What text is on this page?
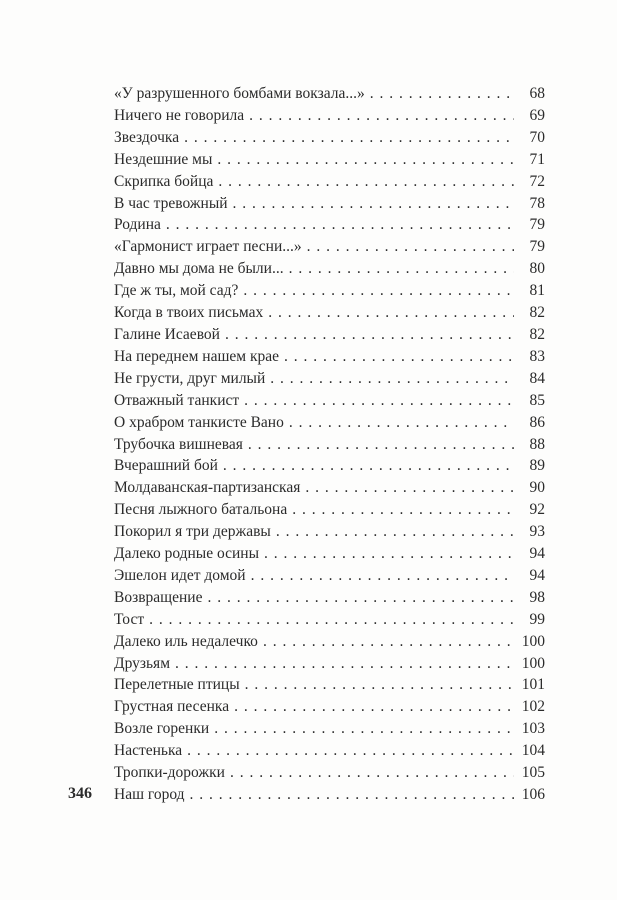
«У разрушенного бомбами вокзала...» . . .	68
Ничего не говорила . . .	69
Звездочка . . .	70
Нездешние мы . . .	71
Скрипка бойца . . .	72
В час тревожный . . .	78
Родина . . .	79
«Гармонист играет песни...» . . .	79
Давно мы дома не были... . . .	80
Где ж ты, мой сад? . . .	81
Когда в твоих письмах . . .	82
Галине Исаевой . . .	82
На переднем нашем крае . . .	83
Не грусти, друг милый . . .	84
Отважный танкист . . .	85
О храбром танкисте Вано . . .	86
Трубочка вишневая . . .	88
Вчерашний бой . . .	89
Молдаванская-партизанская . . .	90
Песня лыжного батальона . . .	92
Покорил я три державы . . .	93
Далеко родные осины . . .	94
Эшелон идет домой . . .	94
Возвращение . . .	98
Тост . . .	99
Далеко иль недалечко . . .	100
Друзьям . . .	100
Перелетные птицы . . .	101
Грустная песенка . . .	102
Возле горенки . . .	103
Настенька . . .	104
Тропки-дорожки . . .	105
Наш город . . .	106
346
